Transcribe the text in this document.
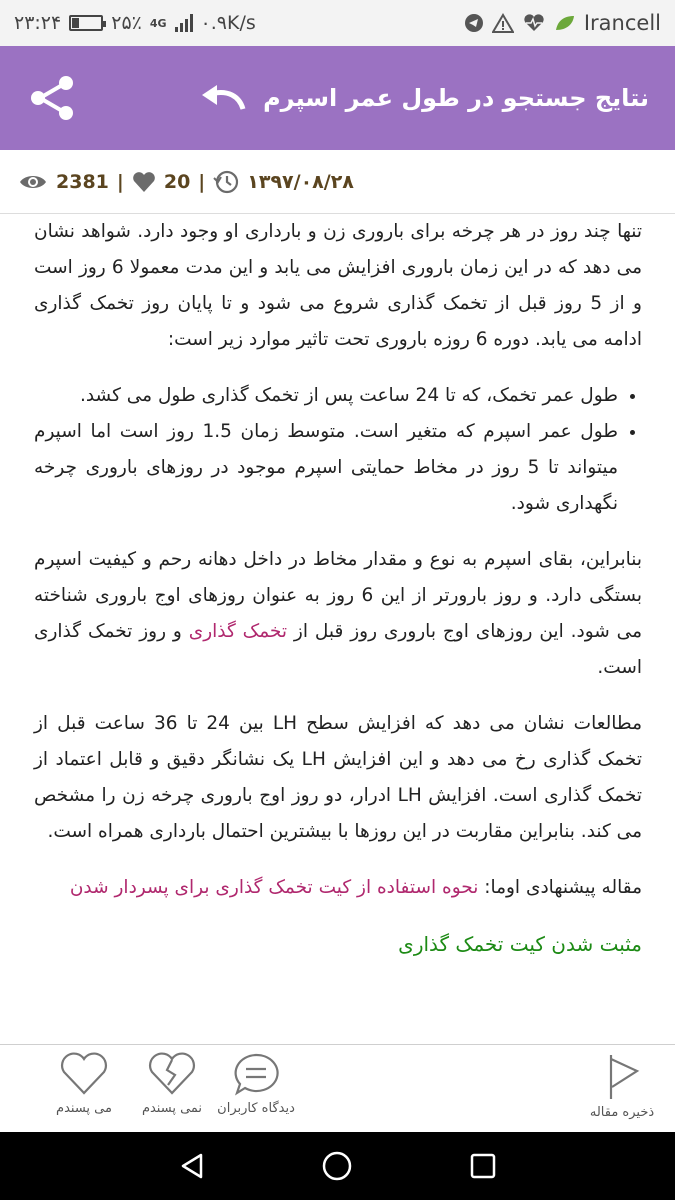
۲۳:۲۴	۲۵٪ 4G ۰.۹K/s	Irancell
نتایج جستجو در طول عمر اسپرم
2381 | 20 | ۱۳۹۷/۰۸/۲۸

تنها چند روز در هر چرخه برای باروری زن و بارداری او وجود دارد. شواهد نشان می دهد که در این زمان باروری افزایش می یابد و این مدت معمولا 6 روز است و از 5 روز قبل از تخمک گذاری شروع می شود و تا پایان روز تخمک گذاری ادامه می یابد. دوره 6 روزه باروری تحت تاثیر موارد زیر است:

• طول عمر تخمک، که تا 24 ساعت پس از تخمک گذاری طول می کشد.
• طول عمر اسپرم که متغیر است. متوسط زمان 1.5 روز است اما اسپرم میتواند تا 5 روز در مخاط حمایتی اسپرم موجود در روزهای باروری چرخه نگهداری شود.

بنابراین، بقای اسپرم به نوع و مقدار مخاط در داخل دهانه رحم و کیفیت اسپرم بستگی دارد. و روز بارورتر از این 6 روز به عنوان روزهای اوج باروری شناخته می شود. این روزهای اوج باروری روز قبل از تخمک گذاری و روز تخمک گذاری است.

مطالعات نشان می دهد که افزایش سطح LH بین 24 تا 36 ساعت قبل از تخمک گذاری رخ می دهد و این افزایش LH یک نشانگر دقیق و قابل اعتماد از تخمک گذاری است. افزایش LH ادرار، دو روز اوج باروری چرخه زن را مشخص می کند. بنابراین مقاربت در این روزها با بیشترین احتمال بارداری همراه است.

مقاله پیشنهادی اوما: نحوه استفاده از کیت تخمک گذاری برای پسردار شدن

مثبت شدن کیت تخمک گذاری

می پسندم نمی پسندم دیدگاه کاربران	ذخیره مقاله
